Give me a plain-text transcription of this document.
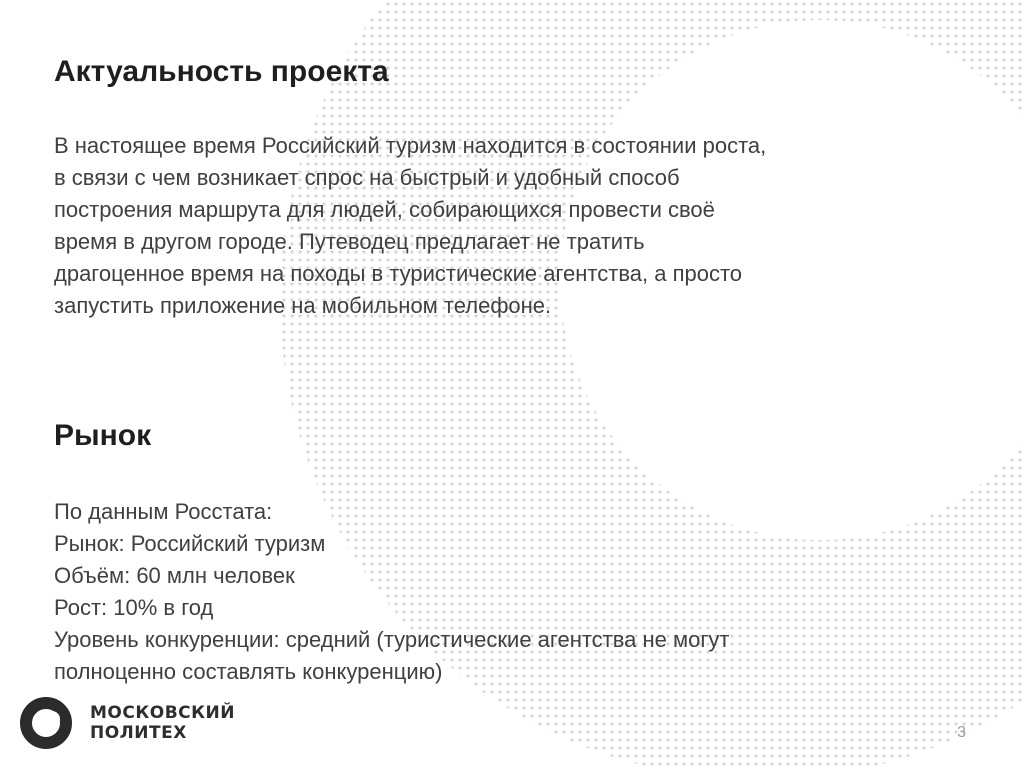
Актуальность проекта

В настоящее время Российский туризм находится в состоянии роста,
в связи с чем возникает спрос на быстрый и удобный способ
построения маршрута для людей, собирающихся провести своё
время в другом городе. Путеводец предлагает не тратить
драгоценное время на походы в туристические агентства, а просто
запустить приложение на мобильном телефоне.

Рынок

По данным Росстата:
Рынок: Российский туризм
Объём: 60 млн человек
Рост: 10% в год
Уровень конкуренции: средний (туристические агентства не могут
полноценно составлять конкуренцию)

МОСКОВСКИЙ
ПОЛИТЕХ	3
